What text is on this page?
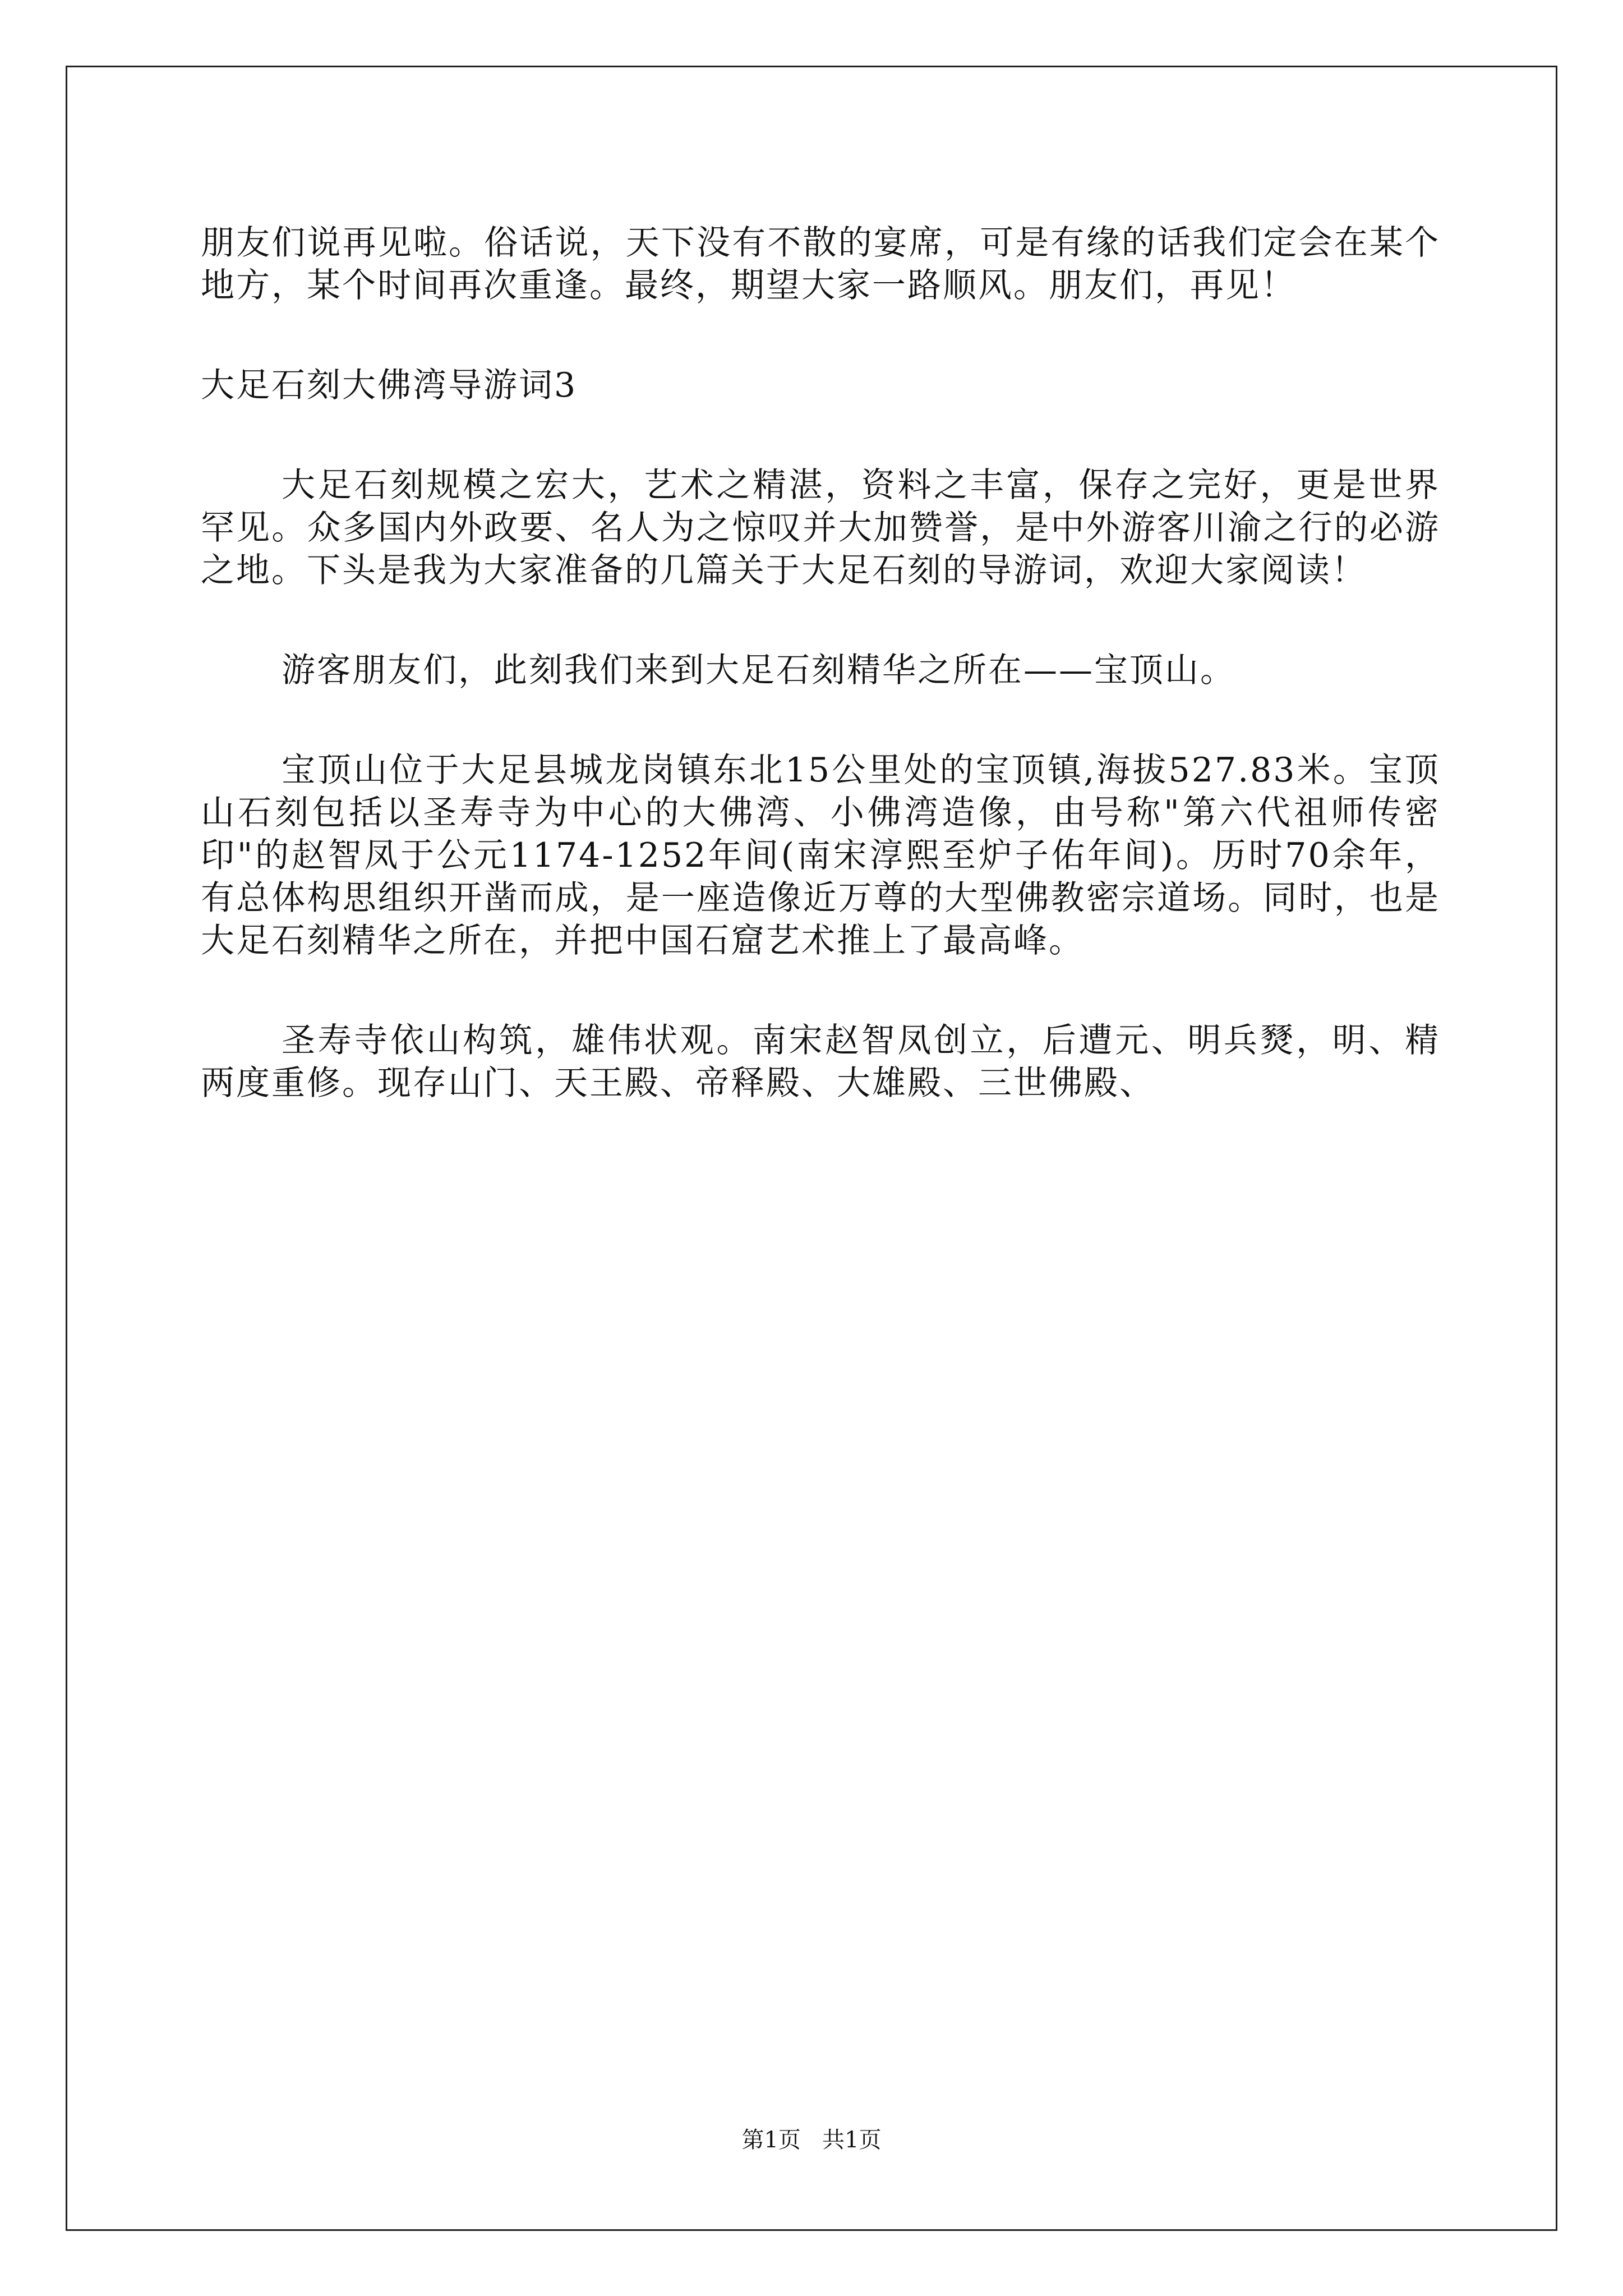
朋友们说再见啦。俗话说，天下没有不散的宴席，可是有缘的话我们定会在某个地方，某个时间再次重逢。最终，期望大家一路顺风。朋友们，再见！

大足石刻大佛湾导游词3

大足石刻规模之宏大，艺术之精湛，资料之丰富，保存之完好，更是世界罕见。众多国内外政要、名人为之惊叹并大加赞誉，是中外游客川渝之行的必游之地。下头是我为大家准备的几篇关于大足石刻的导游词，欢迎大家阅读！

游客朋友们，此刻我们来到大足石刻精华之所在——宝顶山。

宝顶山位于大足县城龙岗镇东北15公里处的宝顶镇,海拔527.83米。宝顶山石刻包括以圣寿寺为中心的大佛湾、小佛湾造像，由号称"第六代祖师传密印"的赵智凤于公元1174-1252年间(南宋淳熙至炉子佑年间)。历时70余年，有总体构思组织开凿而成，是一座造像近万尊的大型佛教密宗道场。同时，也是大足石刻精华之所在，并把中国石窟艺术推上了最高峰。

圣寿寺依山构筑，雄伟状观。南宋赵智凤创立，后遭元、明兵燹，明、精两度重修。现存山门、天王殿、帝释殿、大雄殿、三世佛殿、

第1页   共1页
